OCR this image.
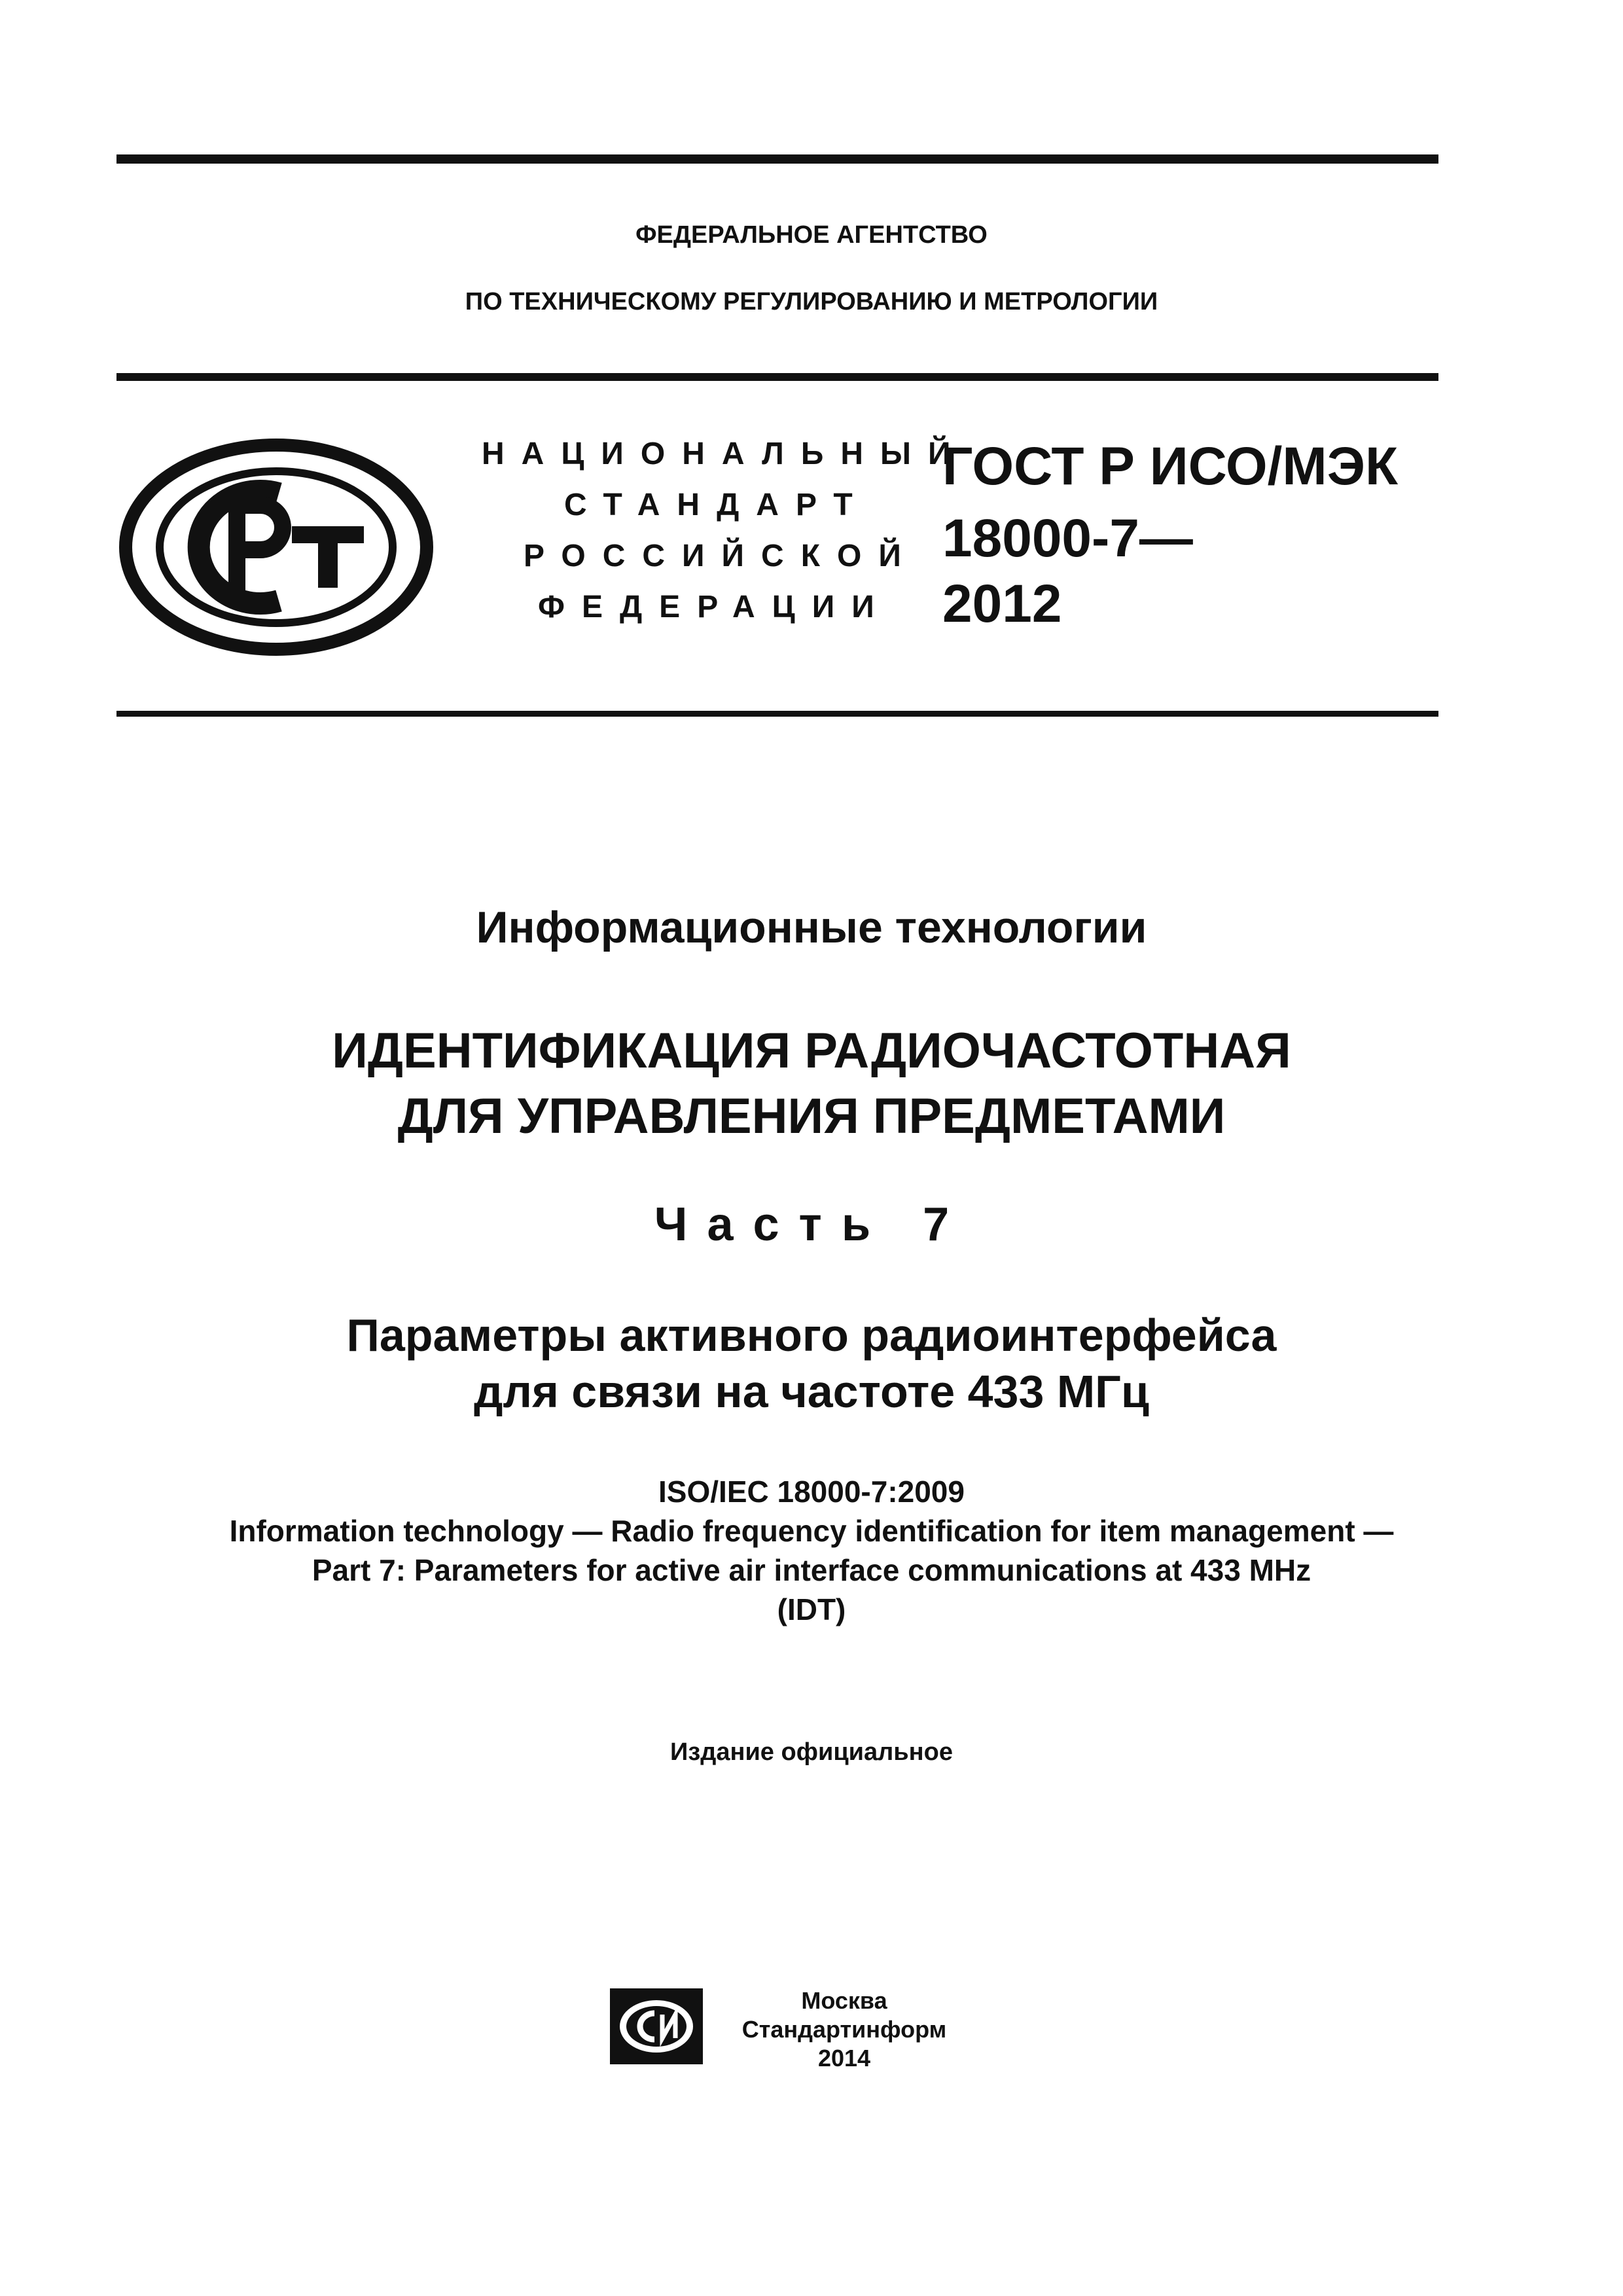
ФЕДЕРАЛЬНОЕ АГЕНТСТВО
ПО ТЕХНИЧЕСКОМУ РЕГУЛИРОВАНИЮ И МЕТРОЛОГИИ
РСТ
НАЦИОНАЛЬНЫЙ
СТАНДАРТ
РОССИЙСКОЙ
ФЕДЕРАЦИИ
ГОСТ Р ИСО/МЭК
18000-7—
2012
Информационные технологии
ИДЕНТИФИКАЦИЯ РАДИОЧАСТОТНАЯ
ДЛЯ УПРАВЛЕНИЯ ПРЕДМЕТАМИ
Часть 7
Параметры активного радиоинтерфейса
для связи на частоте 433 МГц
ISO/IEC 18000-7:2009
Information technology — Radio frequency identification for item management —
Part 7: Parameters for active air interface communications at 433 MHz
(IDT)
Издание официальное
СИ
Москва
Стандартинформ
2014
